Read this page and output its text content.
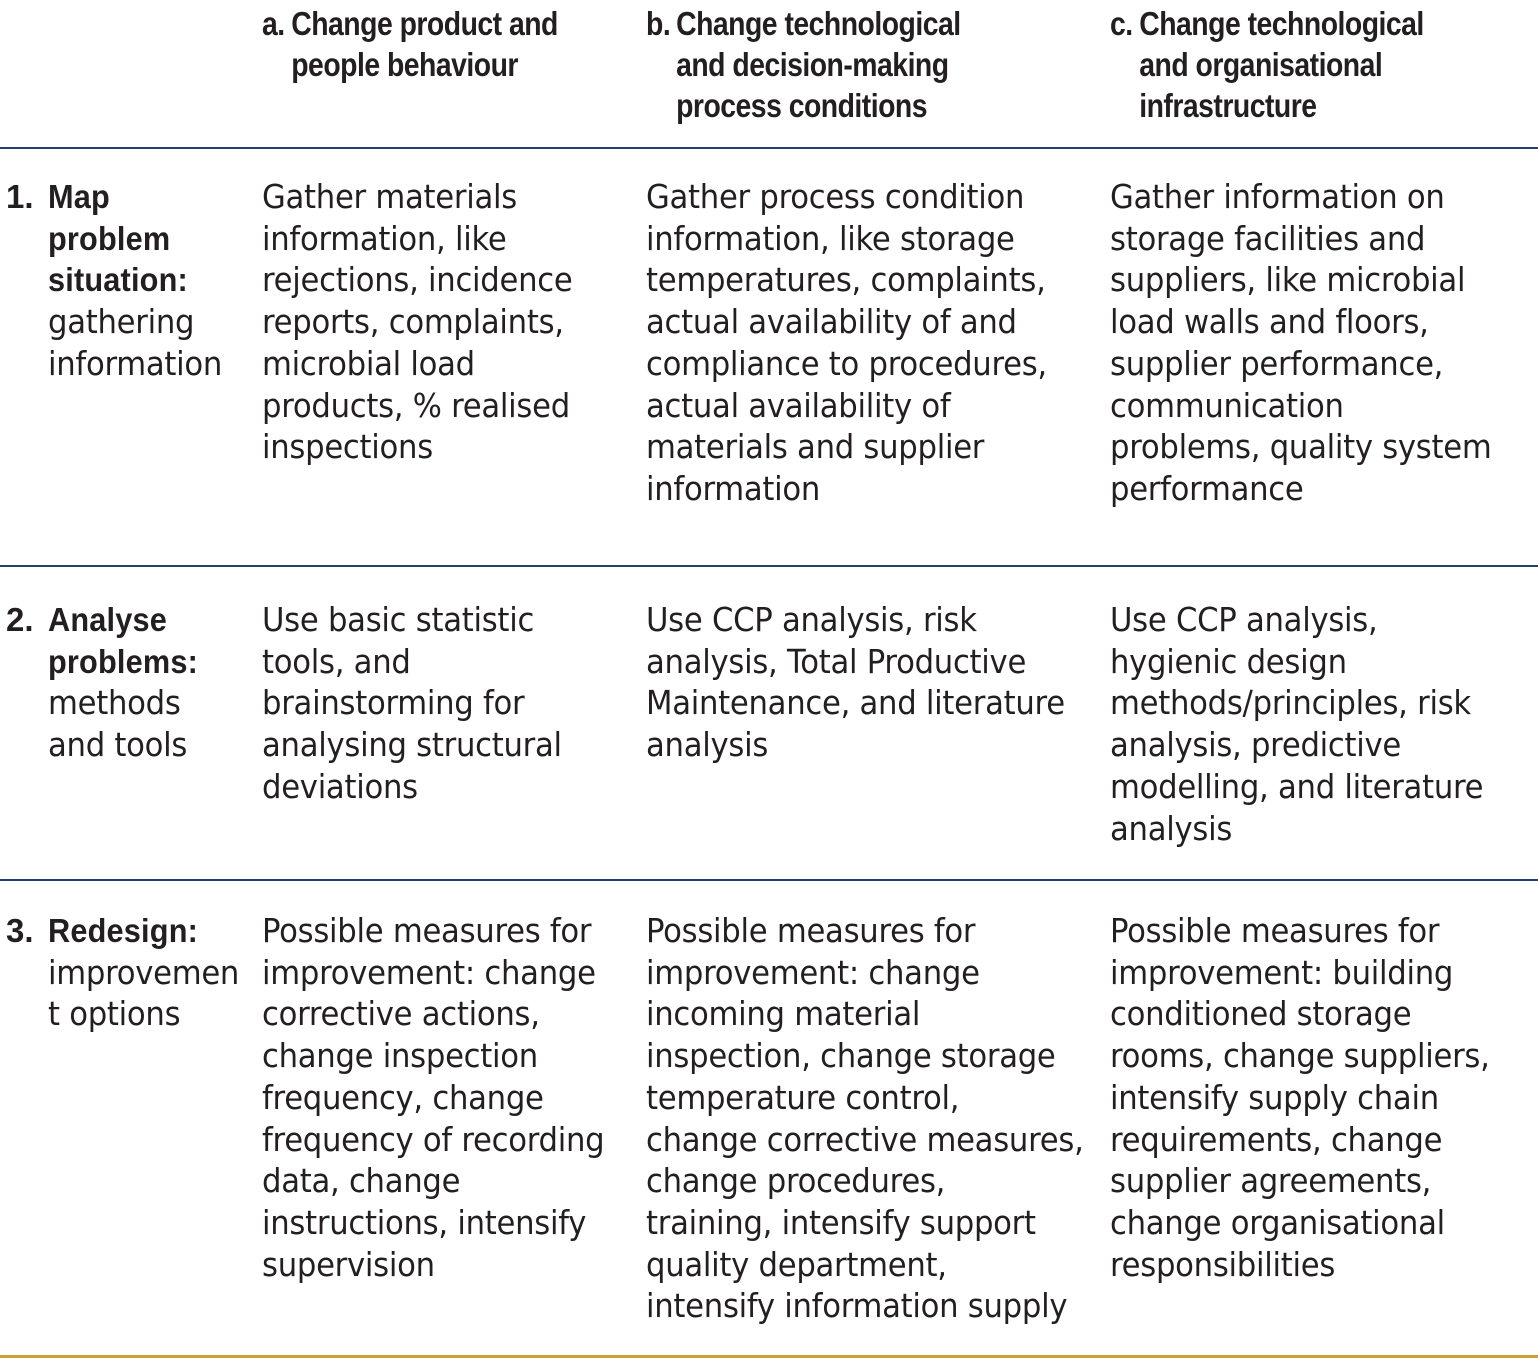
a. Change product and
people behaviour
b. Change technological
and decision-making
process conditions
c. Change technological
and organisational
infrastructure
1. Map
problem
situation:
gathering
information
Gather materials
information, like
rejections, incidence
reports, complaints,
microbial load
products, % realised
inspections
Gather process condition
information, like storage
temperatures, complaints,
actual availability of and
compliance to procedures,
actual availability of
materials and supplier
information
Gather information on
storage facilities and
suppliers, like microbial
load walls and floors,
supplier performance,
communication
problems, quality system
performance
2. Analyse
problems:
methods
and tools
Use basic statistic
tools, and
brainstorming for
analysing structural
deviations
Use CCP analysis, risk
analysis, Total Productive
Maintenance, and literature
analysis
Use CCP analysis,
hygienic design
methods/principles, risk
analysis, predictive
modelling, and literature
analysis
3. Redesign:
improvemen
t options
Possible measures for
improvement: change
corrective actions,
change inspection
frequency, change
frequency of recording
data, change
instructions, intensify
supervision
Possible measures for
improvement: change
incoming material
inspection, change storage
temperature control,
change corrective measures,
change procedures,
training, intensify support
quality department,
intensify information supply
Possible measures for
improvement: building
conditioned storage
rooms, change suppliers,
intensify supply chain
requirements, change
supplier agreements,
change organisational
responsibilities
